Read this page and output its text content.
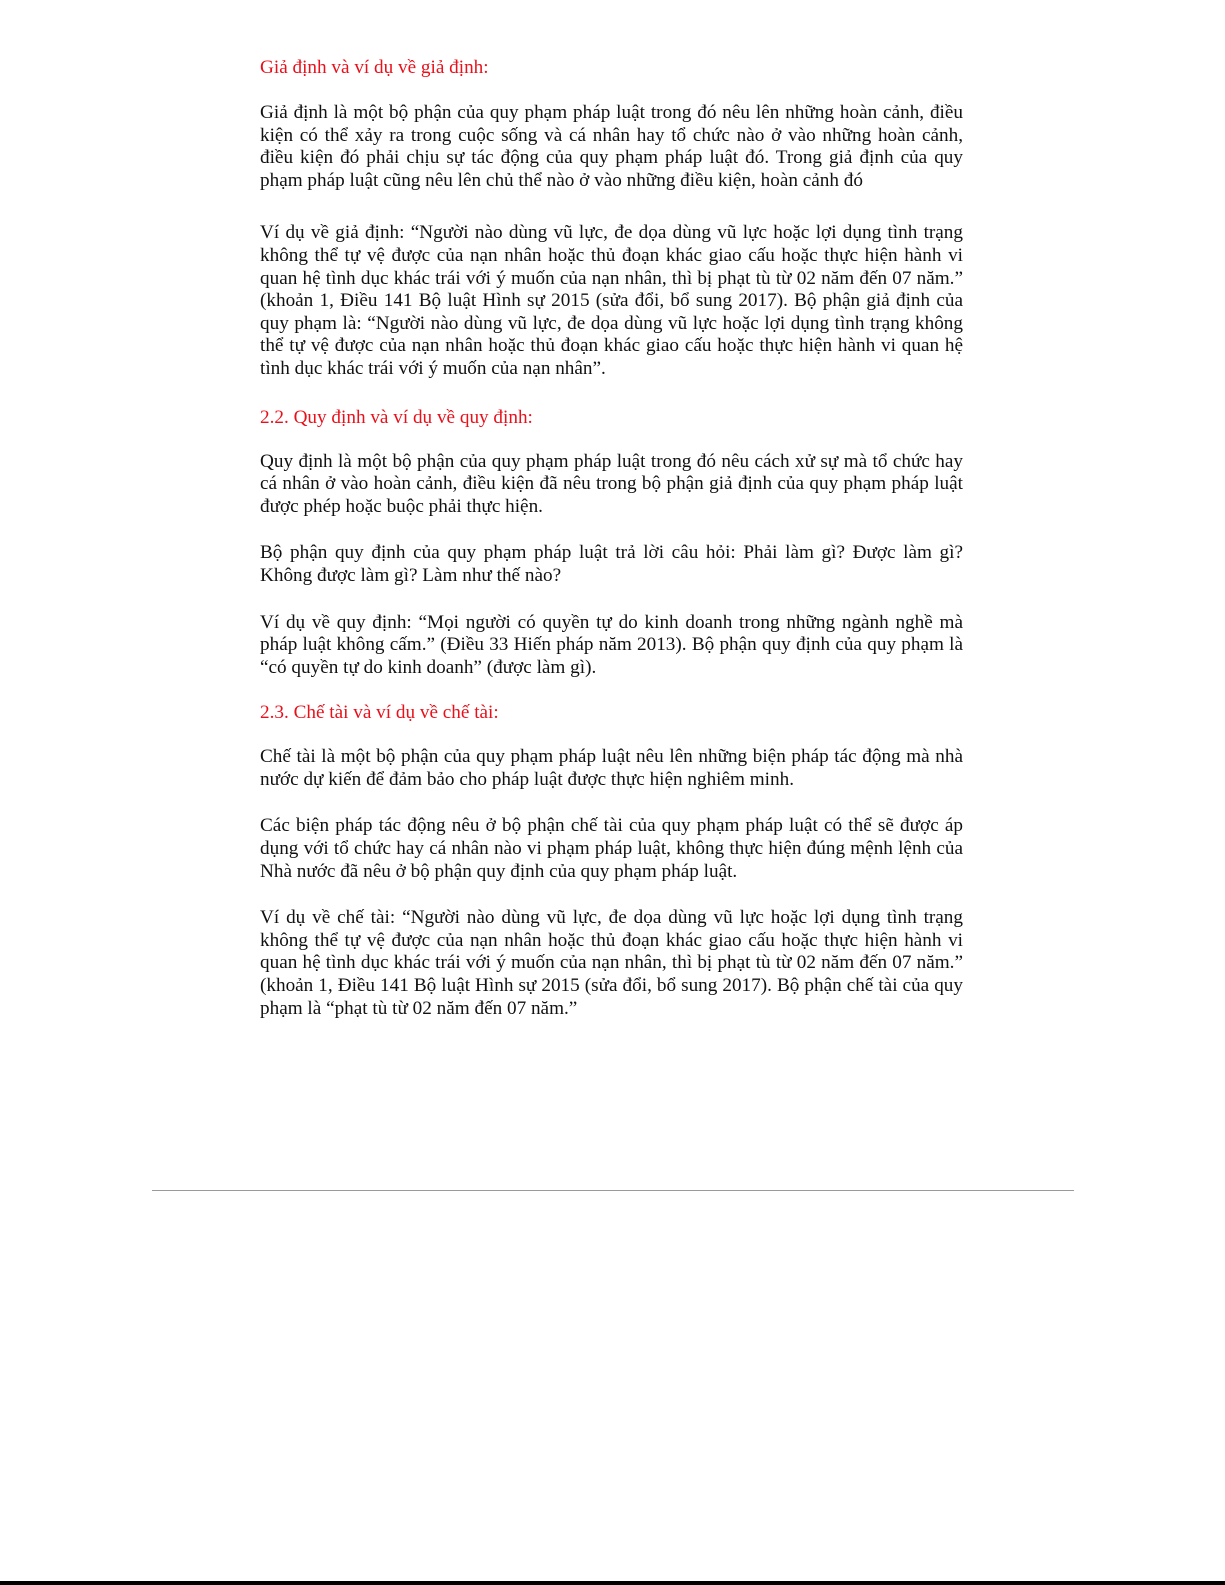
Giả định và ví dụ về giả định:

Giả định là một bộ phận của quy phạm pháp luật trong đó nêu lên những hoàn cảnh, điều kiện có thể xảy ra trong cuộc sống và cá nhân hay tổ chức nào ở vào những hoàn cảnh, điều kiện đó phải chịu sự tác động của quy phạm pháp luật đó. Trong giả định của quy phạm pháp luật cũng nêu lên chủ thể nào ở vào những điều kiện, hoàn cảnh đó

Ví dụ về giả định: “Người nào dùng vũ lực, đe dọa dùng vũ lực hoặc lợi dụng tình trạng không thể tự vệ được của nạn nhân hoặc thủ đoạn khác giao cấu hoặc thực hiện hành vi quan hệ tình dục khác trái với ý muốn của nạn nhân, thì bị phạt tù từ 02 năm đến 07 năm.” (khoản 1, Điều 141 Bộ luật Hình sự 2015 (sửa đổi, bổ sung 2017). Bộ phận giả định của quy phạm là: “Người nào dùng vũ lực, đe dọa dùng vũ lực hoặc lợi dụng tình trạng không thể tự vệ được của nạn nhân hoặc thủ đoạn khác giao cấu hoặc thực hiện hành vi quan hệ tình dục khác trái với ý muốn của nạn nhân”.

2.2. Quy định và ví dụ về quy định:

Quy định là một bộ phận của quy phạm pháp luật trong đó nêu cách xử sự mà tổ chức hay cá nhân ở vào hoàn cảnh, điều kiện đã nêu trong bộ phận giả định của quy phạm pháp luật được phép hoặc buộc phải thực hiện.

Bộ phận quy định của quy phạm pháp luật trả lời câu hỏi: Phải làm gì? Được làm gì? Không được làm gì? Làm như thế nào?

Ví dụ về quy định: “Mọi người có quyền tự do kinh doanh trong những ngành nghề mà pháp luật không cấm.” (Điều 33 Hiến pháp năm 2013). Bộ phận quy định của quy phạm là “có quyền tự do kinh doanh” (được làm gì).

2.3. Chế tài và ví dụ về chế tài:

Chế tài là một bộ phận của quy phạm pháp luật nêu lên những biện pháp tác động mà nhà nước dự kiến để đảm bảo cho pháp luật được thực hiện nghiêm minh.

Các biện pháp tác động nêu ở bộ phận chế tài của quy phạm pháp luật có thể sẽ được áp dụng với tổ chức hay cá nhân nào vi phạm pháp luật, không thực hiện đúng mệnh lệnh của Nhà nước đã nêu ở bộ phận quy định của quy phạm pháp luật.

Ví dụ về chế tài: “Người nào dùng vũ lực, đe dọa dùng vũ lực hoặc lợi dụng tình trạng không thể tự vệ được của nạn nhân hoặc thủ đoạn khác giao cấu hoặc thực hiện hành vi quan hệ tình dục khác trái với ý muốn của nạn nhân, thì bị phạt tù từ 02 năm đến 07 năm.” (khoản 1, Điều 141 Bộ luật Hình sự 2015 (sửa đổi, bổ sung 2017). Bộ phận chế tài của quy phạm là “phạt tù từ 02 năm đến 07 năm.”
